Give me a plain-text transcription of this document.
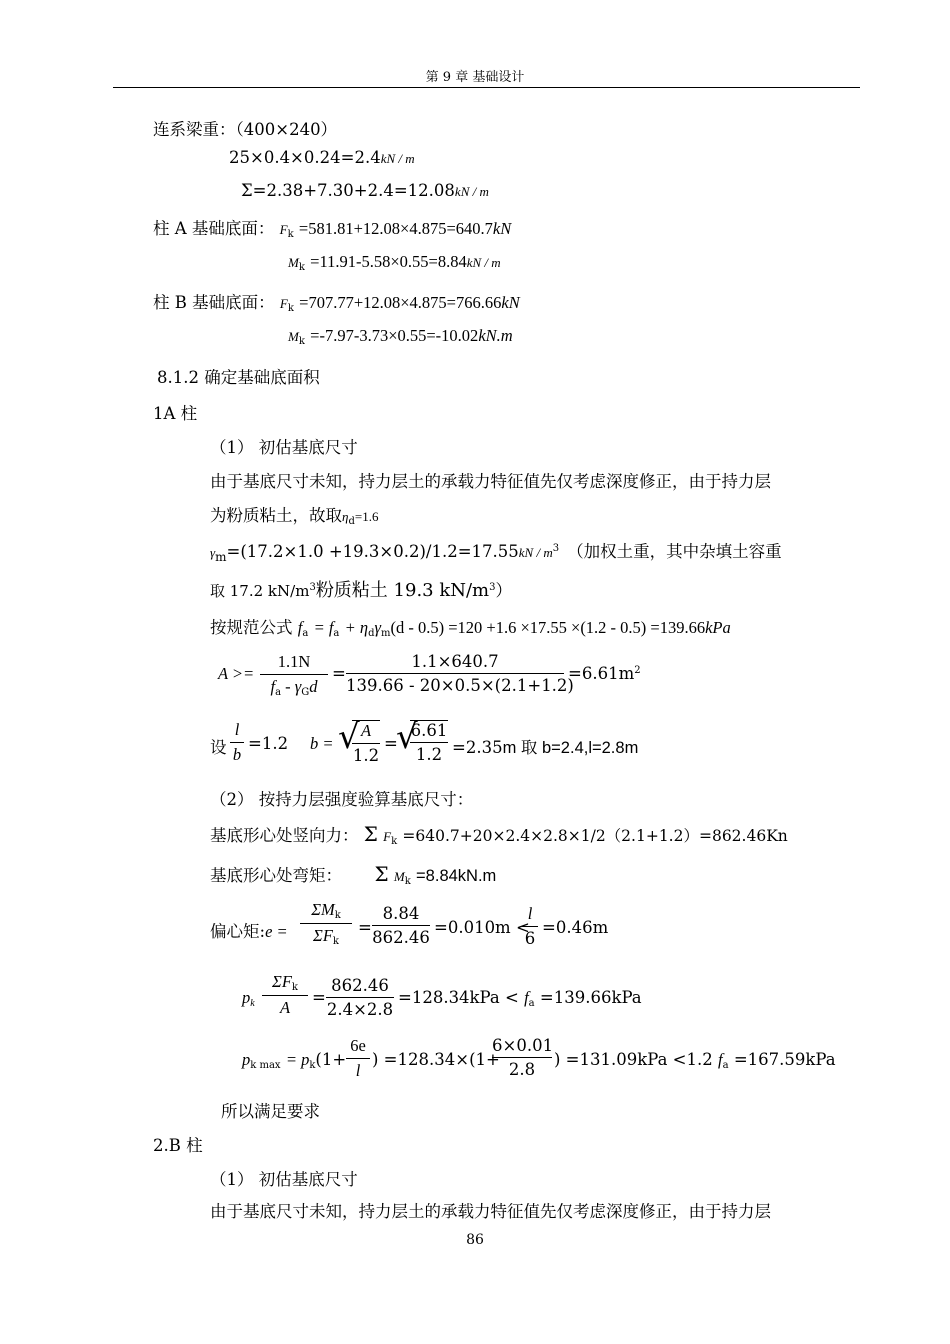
第 9 章 基础设计
连系梁重：（400×240）
25×0.4×0.24=2.4kN / m
Σ=2.38+7.30+2.4=12.08kN / m
柱 A 基础底面： $F_k =581.81+12.08\times 4.875=640.7kN$
$M_k =11.91-5.58\times 0.55=8.84kN / m$
柱 B 基础底面： $F_k =707.77+12.08\times 4.875=766.66kN$
$M_k =-7.97-3.73\times 0.55=-10.02kN.m$
8.1.2 确定基础底面积
1A 柱
（1） 初估基底尺寸
由于基底尺寸未知，持力层土的承载力特征值先仅考虑深度修正，由于持力层
为粉质粘土，故取$\eta_d=1.6$
$\gamma_m=(17.2\times 1.0 +19.3\times 0.2)/1.2=17.55kN / m^3$ （加权土重，其中杂填土容重
取 17.2 $kN/m^3$粉质粘土 19.3 $kN/m^3$）
按规范公式 $f_a = f_a + \eta_d\gamma_m(d - 0.5) =120 +1.6 \times 17.55 \times(1.2 - 0.5) =139.66kPa$
A >=
1.1N
$f_a - \gamma_Gd$
=
1.1×640.7
139.66 - 20×0.5×(2.1+1.2)
$=6.61m^2$
设
l
b
=1.2 b = √ A
1.2
=
√
6.61
1.2 =2.35m 取 b=2.4,l=2.8m
（2） 按持力层强度验算基底尺寸：
基底形心处竖向力： Σ $F_k =640.7+20\times 2.4\times 2.8\times 1/2(2.1+1.2)=862.46Kn$
基底形心处弯矩： Σ $M_k =8.84kN.m$
偏心矩:e =
$\Sigma M_k$
$\Sigma F_k$
=
8.84
862.46
=0.010m <
l
6
=0.46m
$p_k$
$\Sigma F_k$
A
=
862.46
2.4×2.8
$=128.34kPa < f_a =139.66kPa$
$p_{k max} = p_k(1+$
6e
l
) =128.34×(1+
6×0.01
2.8
) =131.09kPa <1.2 $f_a =167.59kPa$
所以满足要求
2.B 柱
（1） 初估基底尺寸
由于基底尺寸未知，持力层土的承载力特征值先仅考虑深度修正，由于持力层
86
